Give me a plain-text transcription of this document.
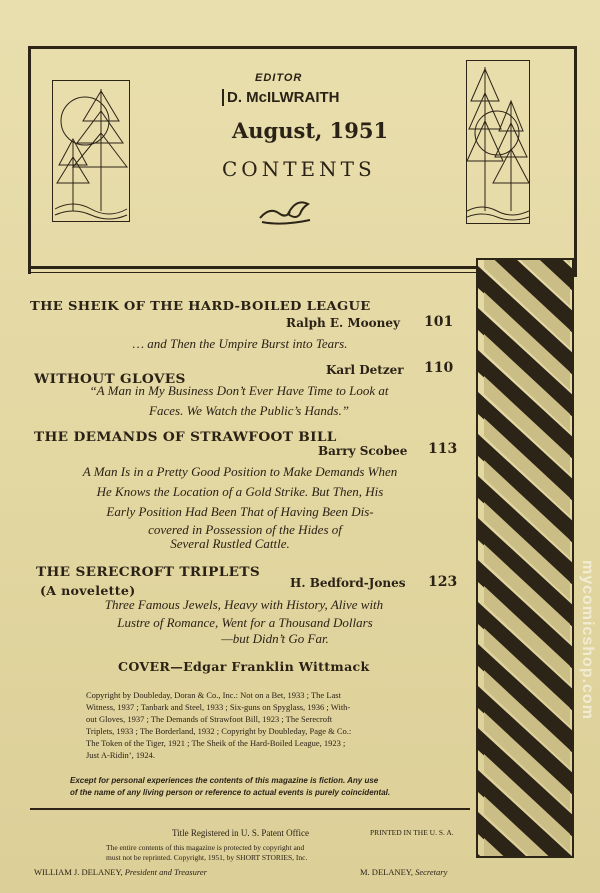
EDITOR
D. McILWRAITH
August, 1951
CONTENTS
THE SHEIK OF THE HARD-BOILED LEAGUE
Ralph E. Mooney 101
… and Then the Umpire Burst into Tears.
WITHOUT GLOVES
Karl Detzer 110
“A Man in My Business Don’t Ever Have Time to Look at
Faces. We Watch the Public’s Hands.”
THE DEMANDS OF STRAWFOOT BILL
Barry Scobee 113
A Man Is in a Pretty Good Position to Make Demands When
He Knows the Location of a Gold Strike. But Then, His
Early Position Had Been That of Having Been Dis-
covered in Possession of the Hides of
Several Rustled Cattle.
THE SERECROFT TRIPLETS
(A novelette)
H. Bedford-Jones 123
Three Famous Jewels, Heavy with History, Alive with
Lustre of Romance, Went for a Thousand Dollars
—but Didn’t Go Far.
COVER—Edgar Franklin Wittmack
Copyright by Doubleday, Doran & Co., Inc.: Not on a Bet, 1933 ; The Last
Witness, 1937 ; Tanbark and Steel, 1933 ; Six-guns on Spyglass, 1936 ; With-
out Gloves, 1937 ; The Demands of Strawfoot Bill, 1923 ; The Serecroft
Triplets, 1933 ; The Borderland, 1932 ; Copyright by Doubleday, Page & Co.:
The Token of the Tiger, 1921 ; The Sheik of the Hard-Boiled League, 1923 ;
Just A-Ridin’, 1924.
Except for personal experiences the contents of this magazine is fiction. Any use
of the name of any living person or reference to actual events is purely coincidental.
Title Registered in U. S. Patent Office	PRINTED IN THE U. S. A.
The entire contents of this magazine is protected by copyright and
must not be reprinted. Copyright, 1951, by SHORT STORIES, Inc.
WILLIAM J. DELANEY, President and Treasurer	M. DELANEY, Secretary
mycomicshop.com
